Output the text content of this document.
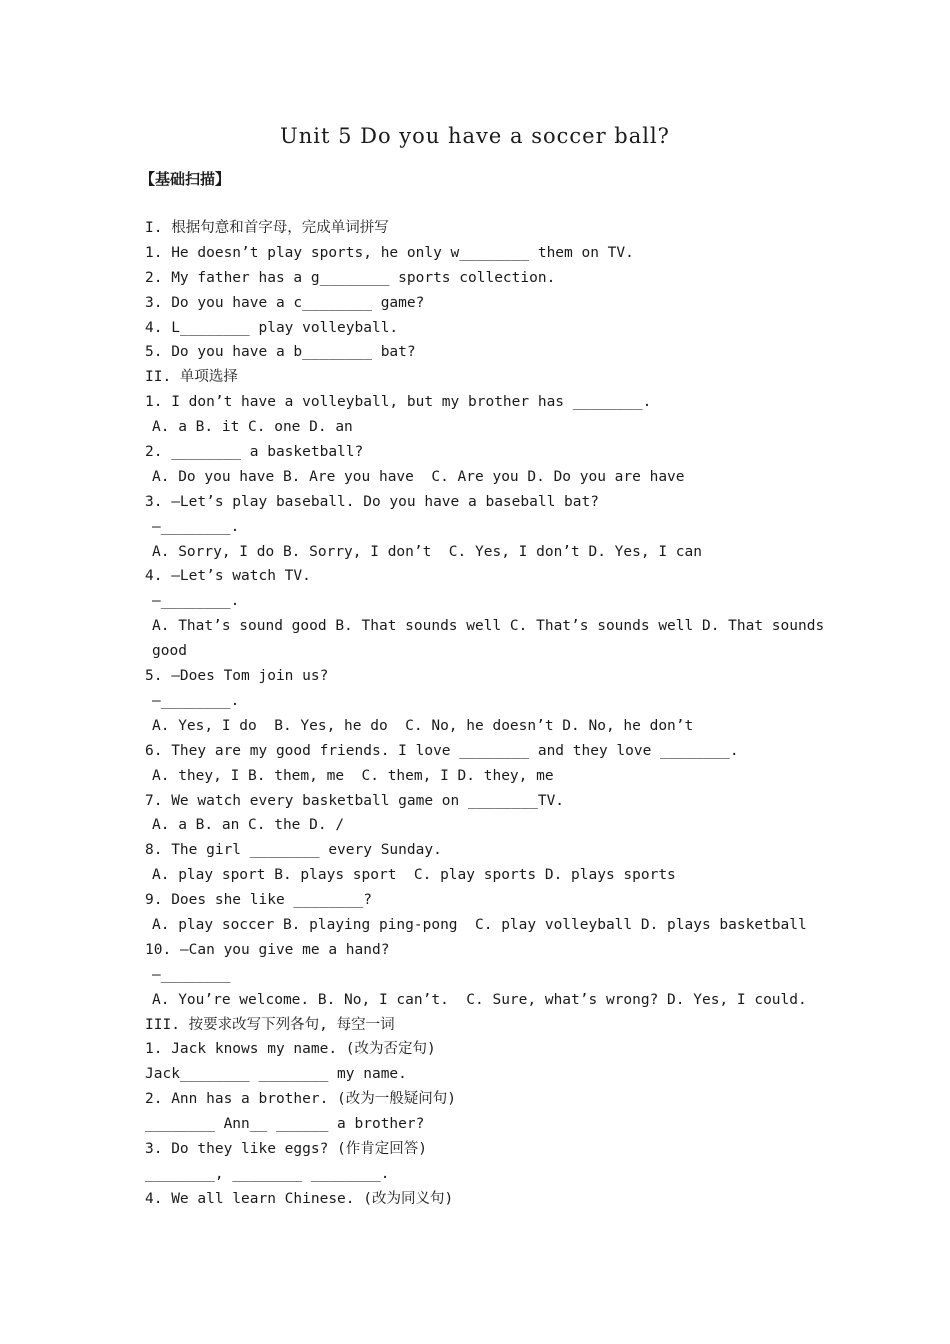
Unit 5 Do you have a soccer ball?
【基础扫描】
I. 根据句意和首字母，完成单词拼写
1. He doesn’t play sports, he only w________ them on TV.
2. My father has a g________ sports collection.
3. Do you have a c________ game?
4. L________ play volleyball.
5. Do you have a b________ bat?
II. 单项选择
1. I don’t have a volleyball, but my brother has ________.
A. a B. it C. one D. an
2. ________ a basketball?
A. Do you have B. Are you have  C. Are you D. Do you are have
3. —Let’s play baseball. Do you have a baseball bat?
—________.
A. Sorry, I do B. Sorry, I don’t  C. Yes, I don’t D. Yes, I can
4. —Let’s watch TV.
—________.
A. That’s sound good B. That sounds well C. That’s sounds well D. That sounds good
5. —Does Tom join us?
—________.
A. Yes, I do  B. Yes, he do  C. No, he doesn’t D. No, he don’t
6. They are my good friends. I love ________ and they love ________.
A. they, I B. them, me  C. them, I D. they, me
7. We watch every basketball game on ________TV.
A. a B. an C. the D. /
8. The girl ________ every Sunday.
A. play sport B. plays sport  C. play sports D. plays sports
9. Does she like ________?
A. play soccer B. playing ping-pong  C. play volleyball D. plays basketball
10. —Can you give me a hand?
—________
A. You’re welcome. B. No, I can’t.  C. Sure, what’s wrong? D. Yes, I could.
III. 按要求改写下列各句, 每空一词
1. Jack knows my name. (改为否定句)
Jack________ ________ my name.
2. Ann has a brother. (改为一般疑问句)
________ Ann__ ______ a brother?
3. Do they like eggs? (作肯定回答)
________, ________ ________.
4. We all learn Chinese. (改为同义句)
